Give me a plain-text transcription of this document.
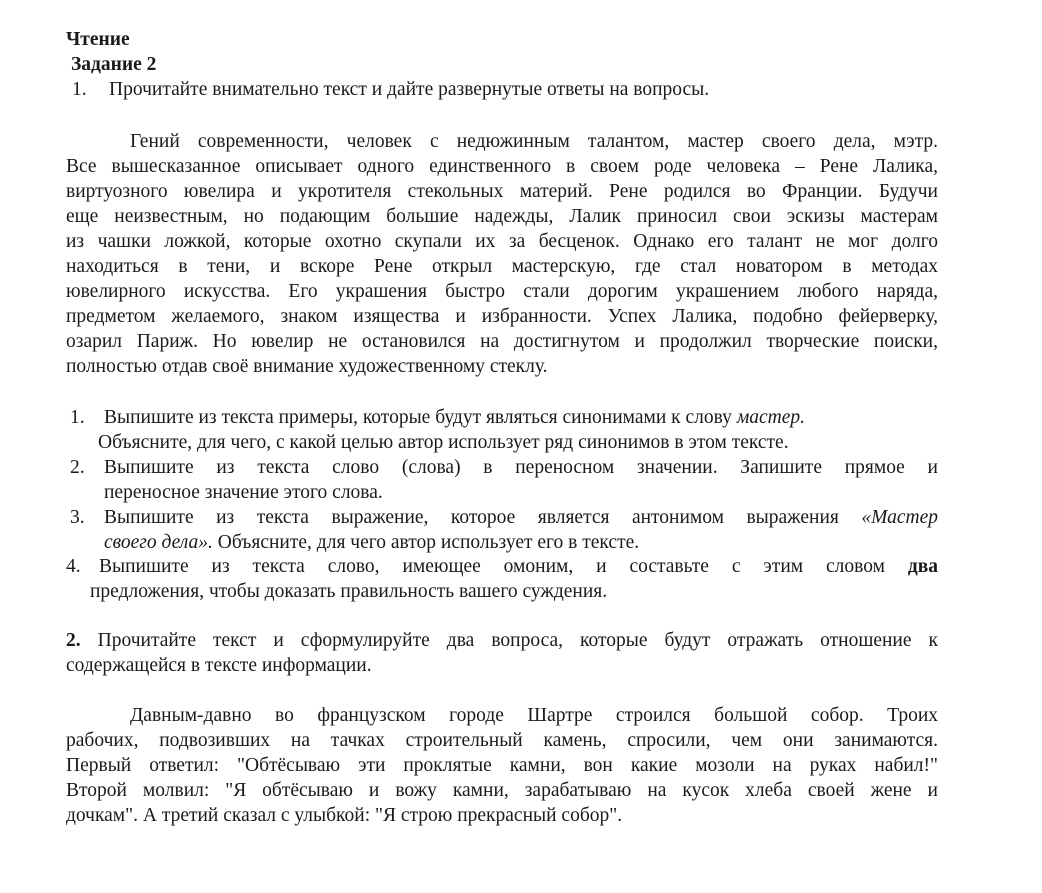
Чтение
Задание 2
1. Прочитайте внимательно текст и дайте развернутые ответы на вопросы.
Гений современности, человек с недюжинным талантом, мастер своего дела, мэтр.
Все вышесказанное описывает одного единственного в своем роде человека – Рене Лалика,
виртуозного ювелира и укротителя стекольных материй. Рене родился во Франции. Будучи
еще неизвестным, но подающим большие надежды, Лалик приносил свои эскизы мастерам
из чашки ложкой, которые охотно скупали их за бесценок. Однако его талант не мог долго
находиться в тени, и вскоре Рене открыл мастерскую, где стал новатором в методах
ювелирного искусства. Его украшения быстро стали дорогим украшением любого наряда,
предметом желаемого, знаком изящества и избранности. Успех Лалика, подобно фейерверку,
озарил Париж. Но ювелир не остановился на достигнутом и продолжил творческие поиски,
полностью отдав своё внимание художественному стеклу.
1. Выпишите из текста примеры, которые будут являться синонимами к слову мастер.
Объясните, для чего, с какой целью автор использует ряд синонимов в этом тексте.
2. Выпишите из текста слово (слова) в переносном значении. Запишите прямое и
переносное значение этого слова.
3. Выпишите из текста выражение, которое является антонимом выражения «Мастер
своего дела». Объясните, для чего автор использует его в тексте.
4. Выпишите из текста слово, имеющее омоним, и составьте с этим словом два
предложения, чтобы доказать правильность вашего суждения.
2. Прочитайте текст и сформулируйте два вопроса, которые будут отражать отношение к
содержащейся в тексте информации.
Давным-давно во французском городе Шартре строился большой собор. Троих
рабочих, подвозивших на тачках строительный камень, спросили, чем они занимаются.
Первый ответил: "Обтёсываю эти проклятые камни, вон какие мозоли на руках набил!"
Второй молвил: "Я обтёсываю и вожу камни, зарабатываю на кусок хлеба своей жене и
дочкам". А третий сказал с улыбкой: "Я строю прекрасный собор".
